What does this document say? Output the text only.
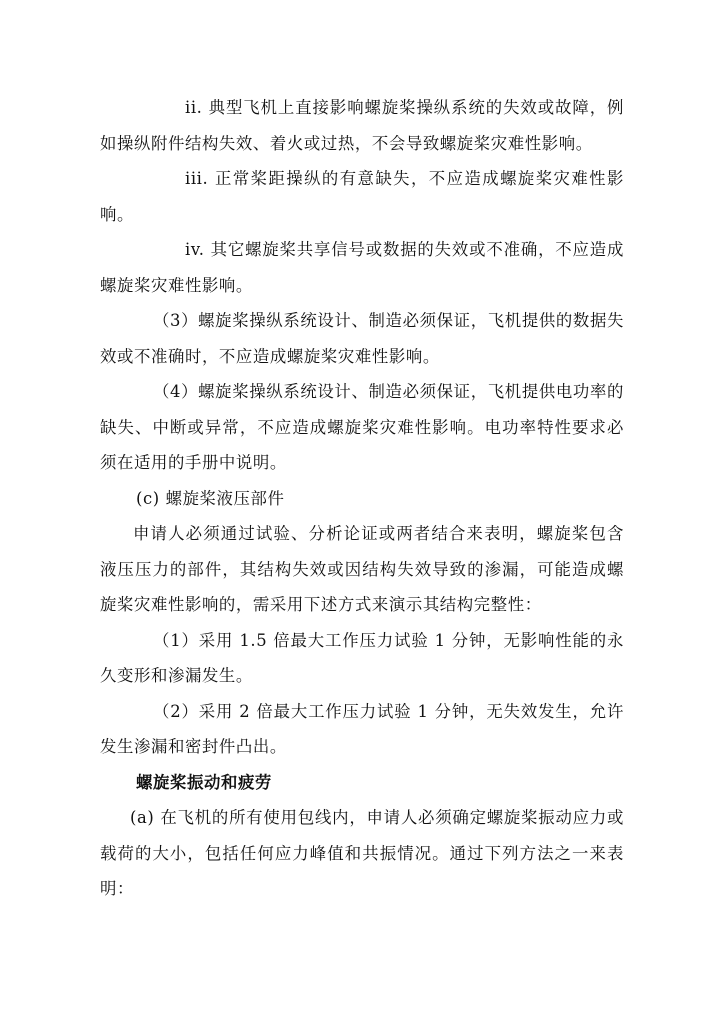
ii. 典型飞机上直接影响螺旋桨操纵系统的失效或故障，例如操纵附件结构失效、着火或过热，不会导致螺旋桨灾难性影响。

iii. 正常桨距操纵的有意缺失，不应造成螺旋桨灾难性影响。

iv. 其它螺旋桨共享信号或数据的失效或不准确，不应造成螺旋桨灾难性影响。

（3）螺旋桨操纵系统设计、制造必须保证，飞机提供的数据失效或不准确时，不应造成螺旋桨灾难性影响。

（4）螺旋桨操纵系统设计、制造必须保证，飞机提供电功率的缺失、中断或异常，不应造成螺旋桨灾难性影响。电功率特性要求必须在适用的手册中说明。

(c) 螺旋桨液压部件

申请人必须通过试验、分析论证或两者结合来表明，螺旋桨包含液压压力的部件，其结构失效或因结构失效导致的渗漏，可能造成螺旋桨灾难性影响的，需采用下述方式来演示其结构完整性：

（1）采用 1.5 倍最大工作压力试验 1 分钟，无影响性能的永久变形和渗漏发生。

（2）采用 2 倍最大工作压力试验 1 分钟，无失效发生，允许发生渗漏和密封件凸出。

螺旋桨振动和疲劳

(a) 在飞机的所有使用包线内，申请人必须确定螺旋桨振动应力或载荷的大小，包括任何应力峰值和共振情况。通过下列方法之一来表明：
